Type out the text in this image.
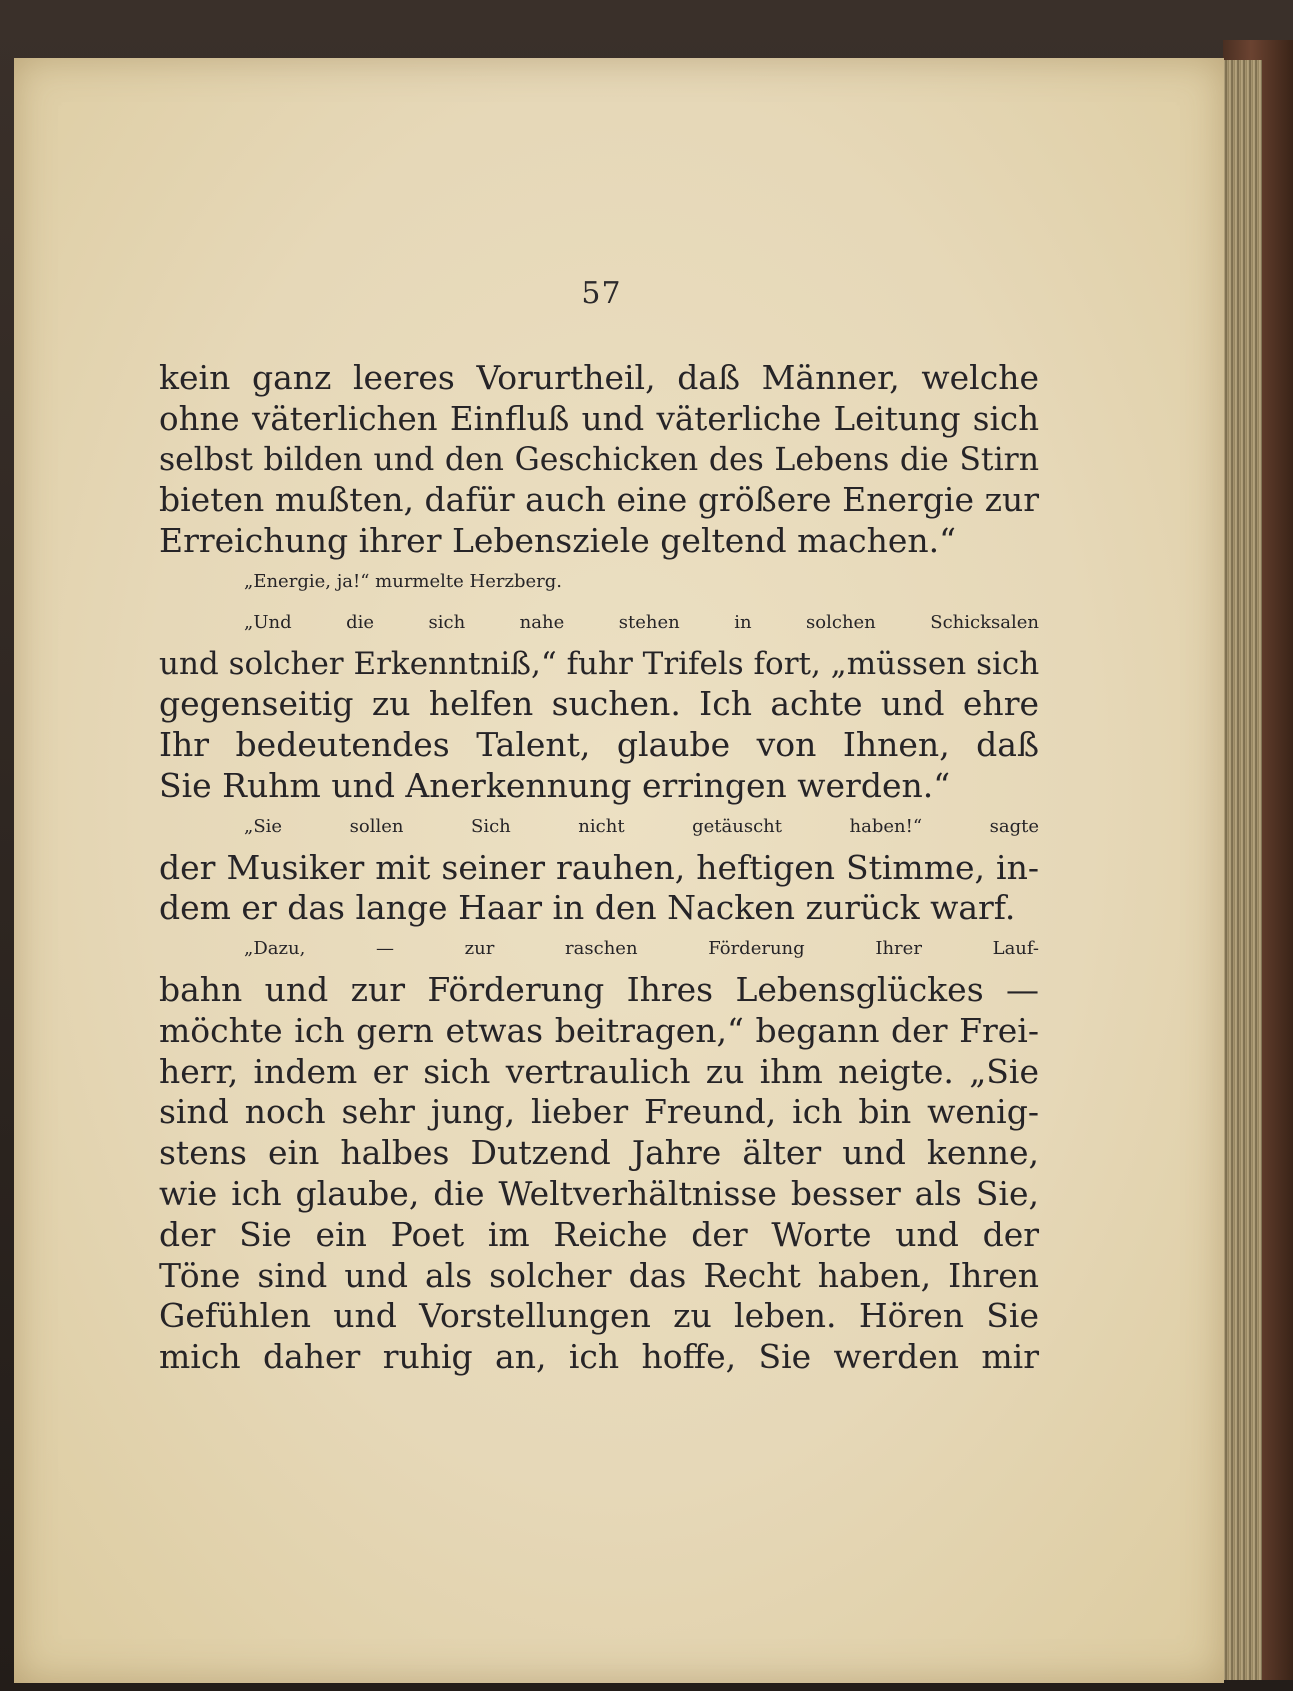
57
kein ganz leeres Vorurtheil, daß Männer, welche
ohne väterlichen Einfluß und väterliche Leitung sich
selbst bilden und den Geschicken des Lebens die Stirn
bieten mußten, dafür auch eine größere Energie zur
Erreichung ihrer Lebensziele geltend machen.“
„Energie, ja!“ murmelte Herzberg.
„Und die sich nahe stehen in solchen Schicksalen
und solcher Erkenntniß,“ fuhr Trifels fort, „müssen sich
gegenseitig zu helfen suchen. Ich achte und ehre
Ihr bedeutendes Talent, glaube von Ihnen, daß
Sie Ruhm und Anerkennung erringen werden.“
„Sie sollen Sich nicht getäuscht haben!“ sagte
der Musiker mit seiner rauhen, heftigen Stimme, in-
dem er das lange Haar in den Nacken zurück warf.
„Dazu, — zur raschen Förderung Ihrer Lauf-
bahn und zur Förderung Ihres Lebensglückes —
möchte ich gern etwas beitragen,“ begann der Frei-
herr, indem er sich vertraulich zu ihm neigte. „Sie
sind noch sehr jung, lieber Freund, ich bin wenig-
stens ein halbes Dutzend Jahre älter und kenne,
wie ich glaube, die Weltverhältnisse besser als Sie,
der Sie ein Poet im Reiche der Worte und der
Töne sind und als solcher das Recht haben, Ihren
Gefühlen und Vorstellungen zu leben. Hören Sie
mich daher ruhig an, ich hoffe, Sie werden mir
